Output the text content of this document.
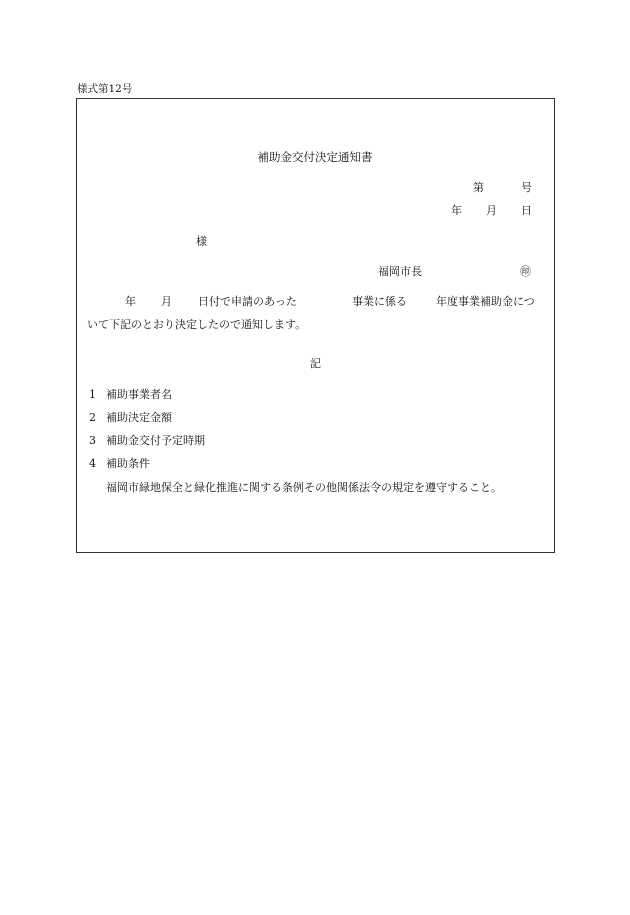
様式第12号
補助金交付決定通知書
第	号
年 月 日
様
福岡市長	㊞
年 月 日付で申請のあった	事業に係る	年度事業補助金につ
いて下記のとおり決定したので通知します。
記
1 補助事業者名
2 補助決定金額
3 補助金交付予定時期
4 補助条件
福岡市緑地保全と緑化推進に関する条例その他関係法令の規定を遵守すること。
